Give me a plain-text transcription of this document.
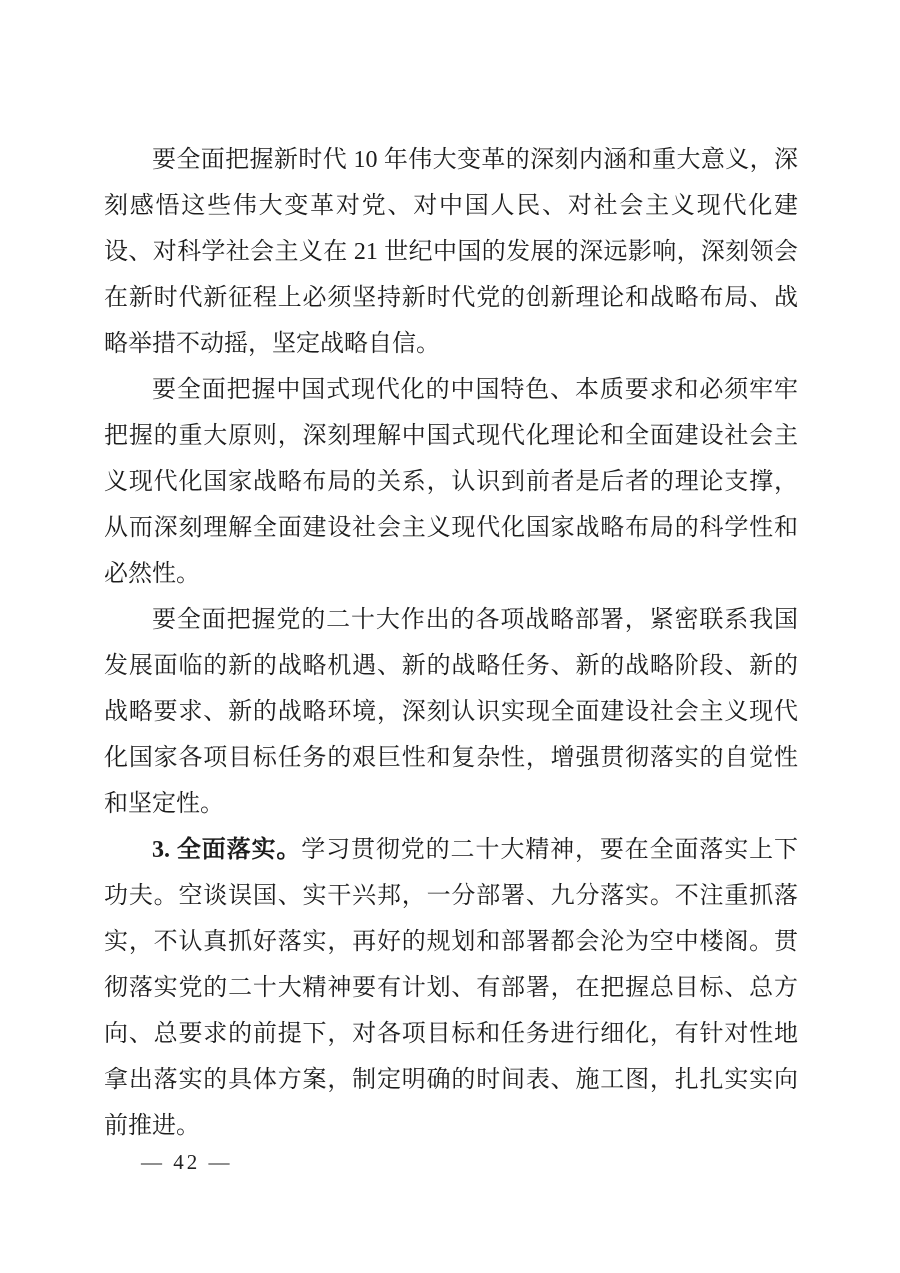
要全面把握新时代 10 年伟大变革的深刻内涵和重大意义，深刻感悟这些伟大变革对党、对中国人民、对社会主义现代化建设、对科学社会主义在 21 世纪中国的发展的深远影响，深刻领会在新时代新征程上必须坚持新时代党的创新理论和战略布局、战略举措不动摇，坚定战略自信。

要全面把握中国式现代化的中国特色、本质要求和必须牢牢把握的重大原则，深刻理解中国式现代化理论和全面建设社会主义现代化国家战略布局的关系，认识到前者是后者的理论支撑，从而深刻理解全面建设社会主义现代化国家战略布局的科学性和必然性。

要全面把握党的二十大作出的各项战略部署，紧密联系我国发展面临的新的战略机遇、新的战略任务、新的战略阶段、新的战略要求、新的战略环境，深刻认识实现全面建设社会主义现代化国家各项目标任务的艰巨性和复杂性，增强贯彻落实的自觉性和坚定性。

3. 全面落实。学习贯彻党的二十大精神，要在全面落实上下功夫。空谈误国、实干兴邦，一分部署、九分落实。不注重抓落实，不认真抓好落实，再好的规划和部署都会沦为空中楼阁。贯彻落实党的二十大精神要有计划、有部署，在把握总目标、总方向、总要求的前提下，对各项目标和任务进行细化，有针对性地拿出落实的具体方案，制定明确的时间表、施工图，扎扎实实向前推进。

— 42 —
